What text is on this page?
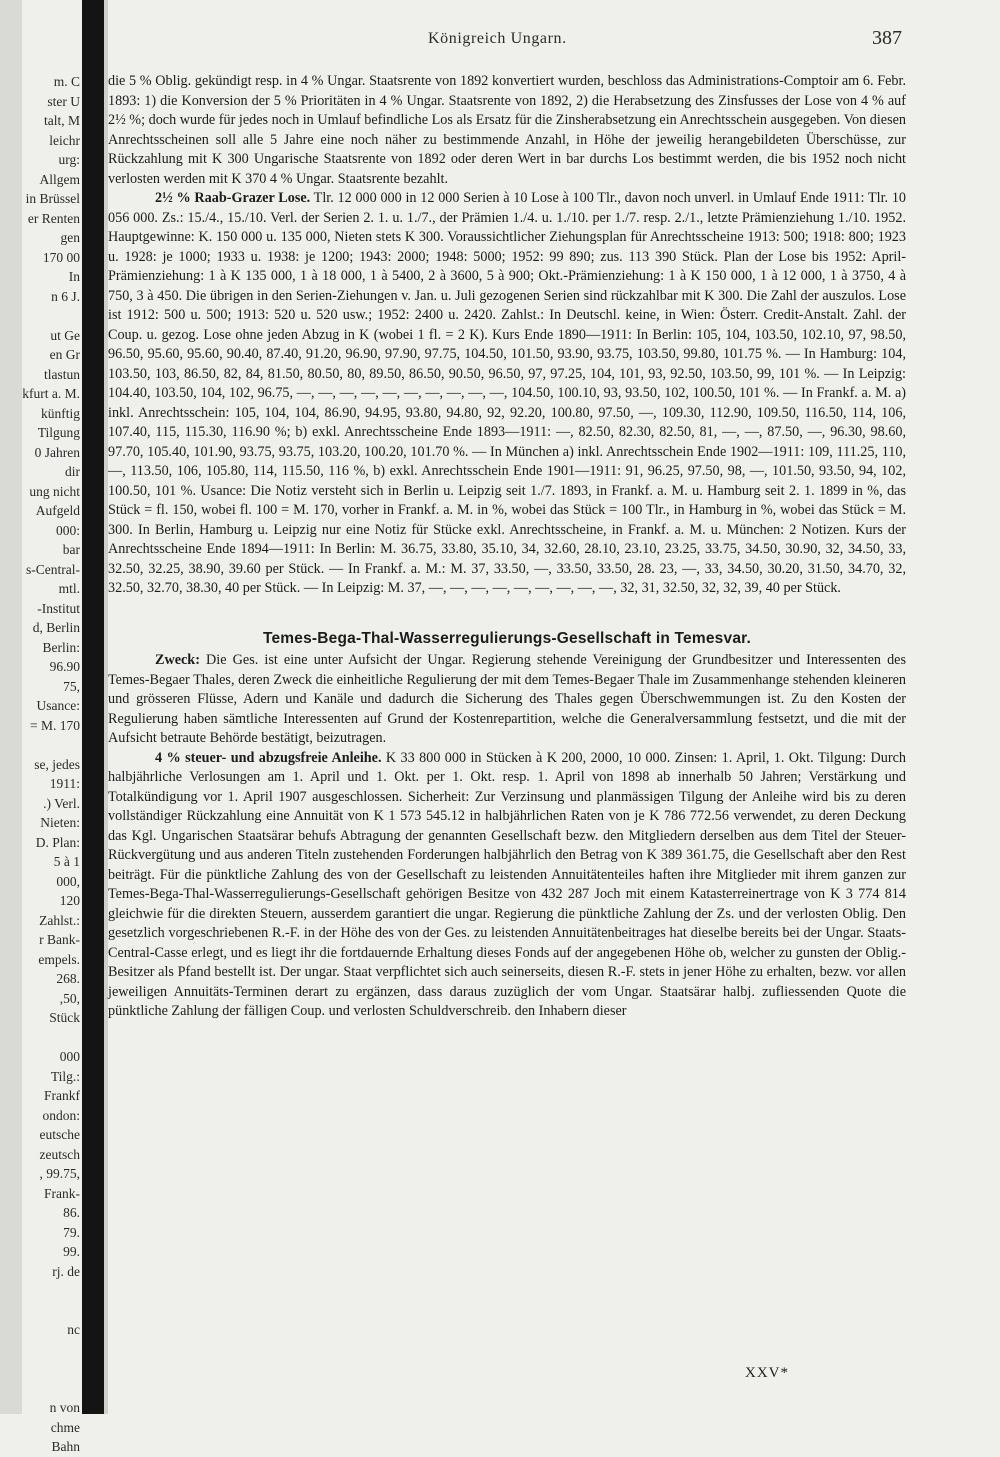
m. C
ster U
talt, M
leichr
urg:
Allgem
in Brüssel
er Renten
gen
170 00
In
n 6 J.

ut Ge
en Gr
tlastun
kfurt a. M.
künftig
Tilgung
0 Jahren
dir
ung nicht
Aufgeld
000:
bar
s-Central-
mtl.
-Institut
d, Berlin
Berlin:
96.90
75,
Usance:
= M. 170

se, jedes
1911:
.) Verl.
Nieten:
D. Plan:
5 à 1
000,
120
Zahlst.:
r Bank-
empels.
268.
,50,
Stück

000
Tilg.:
Frankf
ondon:
eutsche
zeutsch
, 99.75,
Frank-
86.
79.
99.
rj. de

nc

n von
chme
Bahn
Königreich Ungarn.	387

die 5 % Oblig. gekündigt resp. in 4 % Ungar. Staatsrente von 1892 konvertiert wurden, beschloss das Administrations-Comptoir am 6. Febr. 1893: 1) die Konversion der 5 % Prioritäten in 4 % Ungar. Staatsrente von 1892, 2) die Herabsetzung des Zinsfusses der Lose von 4 % auf 2½ %; doch wurde für jedes noch in Umlauf befindliche Los als Ersatz für die Zinsherabsetzung ein Anrechtsschein ausgegeben. Von diesen Anrechtsscheinen soll alle 5 Jahre eine noch näher zu bestimmende Anzahl, in Höhe der jeweilig herangebildeten Überschüsse, zur Rückzahlung mit K 300 Ungarische Staatsrente von 1892 oder deren Wert in bar durchs Los bestimmt werden, die bis 1952 noch nicht verlosten werden mit K 370 4 % Ungar. Staatsrente bezahlt.

2½ % Raab-Grazer Lose. Tlr. 12 000 000 in 12 000 Serien à 10 Lose à 100 Tlr., davon noch unverl. in Umlauf Ende 1911: Tlr. 10 056 000. Zs.: 15./4., 15./10. Verl. der Serien 2. 1. u. 1./7., der Prämien 1./4. u. 1./10. per 1./7. resp. 2./1., letzte Prämienziehung 1./10. 1952. Hauptgewinne: K. 150 000 u. 135 000, Nieten stets K 300. Voraussichtlicher Ziehungsplan für Anrechtsscheine 1913: 500; 1918: 800; 1923 u. 1928: je 1000; 1933 u. 1938: je 1200; 1943: 2000; 1948: 5000; 1952: 99 890; zus. 113 390 Stück. Plan der Lose bis 1952: April-Prämienziehung: 1 à K 135 000, 1 à 18 000, 1 à 5400, 2 à 3600, 5 à 900; Okt.-Prämienziehung: 1 à K 150 000, 1 à 12 000, 1 à 3750, 4 à 750, 3 à 450. Die übrigen in den Serien-Ziehungen v. Jan. u. Juli gezogenen Serien sind rückzahlbar mit K 300. Die Zahl der auszulos. Lose ist 1912: 500 u. 500; 1913: 520 u. 520 usw.; 1952: 2400 u. 2420. Zahlst.: In Deutschl. keine, in Wien: Österr. Credit-Anstalt. Zahl. der Coup. u. gezog. Lose ohne jeden Abzug in K (wobei 1 fl. = 2 K). Kurs Ende 1890—1911: In Berlin: 105, 104, 103.50, 102.10, 97, 98.50, 96.50, 95.60, 95.60, 90.40, 87.40, 91.20, 96.90, 97.90, 97.75, 104.50, 101.50, 93.90, 93.75, 103.50, 99.80, 101.75 %. — In Hamburg: 104, 103.50, 103, 86.50, 82, 84, 81.50, 80.50, 80, 89.50, 86.50, 90.50, 96.50, 97, 97.25, 104, 101, 93, 92.50, 103.50, 99, 101 %. — In Leipzig: 104.40, 103.50, 104, 102, 96.75, —, —, —, —, —, —, —, —, —, —, 104.50, 100.10, 93, 93.50, 102, 100.50, 101 %. — In Frankf. a. M. a) inkl. Anrechtsschein: 105, 104, 104, 86.90, 94.95, 93.80, 94.80, 92, 92.20, 100.80, 97.50, —, 109.30, 112.90, 109.50, 116.50, 114, 106, 107.40, 115, 115.30, 116.90 %; b) exkl. Anrechtsscheine Ende 1893—1911: —, 82.50, 82.30, 82.50, 81, —, —, 87.50, —, 96.30, 98.60, 97.70, 105.40, 101.90, 93.75, 93.75, 103.20, 100.20, 101.70 %. — In München a) inkl. Anrechtsschein Ende 1902—1911: 109, 111.25, 110, —, 113.50, 106, 105.80, 114, 115.50, 116 %, b) exkl. Anrechtsschein Ende 1901—1911: 91, 96.25, 97.50, 98, —, 101.50, 93.50, 94, 102, 100.50, 101 %. Usance: Die Notiz versteht sich in Berlin u. Leipzig seit 1./7. 1893, in Frankf. a. M. u. Hamburg seit 2. 1. 1899 in %, das Stück = fl. 150, wobei fl. 100 = M. 170, vorher in Frankf. a. M. in %, wobei das Stück = 100 Tlr., in Hamburg in %, wobei das Stück = M. 300. In Berlin, Hamburg u. Leipzig nur eine Notiz für Stücke exkl. Anrechtsscheine, in Frankf. a. M. u. München: 2 Notizen. Kurs der Anrechtsscheine Ende 1894—1911: In Berlin: M. 36.75, 33.80, 35.10, 34, 32.60, 28.10, 23.10, 23.25, 33.75, 34.50, 30.90, 32, 34.50, 33, 32.50, 32.25, 38.90, 39.60 per Stück. — In Frankf. a. M.: M. 37, 33.50, —, 33.50, 33.50, 28. 23, —, 33, 34.50, 30.20, 31.50, 34.70, 32, 32.50, 32.70, 38.30, 40 per Stück. — In Leipzig: M. 37, —, —, —, —, —, —, —, —, —, 32, 31, 32.50, 32, 32, 39, 40 per Stück.

Temes-Bega-Thal-Wasserregulierungs-Gesellschaft in Temesvar.

Zweck: Die Ges. ist eine unter Aufsicht der Ungar. Regierung stehende Vereinigung der Grundbesitzer und Interessenten des Temes-Begaer Thales, deren Zweck die einheitliche Regulierung der mit dem Temes-Begaer Thale im Zusammenhange stehenden kleineren und grösseren Flüsse, Adern und Kanäle und dadurch die Sicherung des Thales gegen Überschwemmungen ist. Zu den Kosten der Regulierung haben sämtliche Interessenten auf Grund der Kostenrepartition, welche die Generalversammlung festsetzt, und die mit der Aufsicht betraute Behörde bestätigt, beizutragen.

4 % steuer- und abzugsfreie Anleihe. K 33 800 000 in Stücken à K 200, 2000, 10 000. Zinsen: 1. April, 1. Okt. Tilgung: Durch halbjährliche Verlosungen am 1. April und 1. Okt. per 1. Okt. resp. 1. April von 1898 ab innerhalb 50 Jahren; Verstärkung und Totalkündigung vor 1. April 1907 ausgeschlossen. Sicherheit: Zur Verzinsung und planmässigen Tilgung der Anleihe wird bis zu deren vollständiger Rückzahlung eine Annuität von K 1 573 545.12 in halbjährlichen Raten von je K 786 772.56 verwendet, zu deren Deckung das Kgl. Ungarischen Staatsärar behufs Abtragung der genannten Gesellschaft bezw. den Mitgliedern derselben aus dem Titel der Steuer-Rückvergütung und aus anderen Titeln zustehenden Forderungen halbjährlich den Betrag von K 389 361.75, die Gesellschaft aber den Rest beiträgt. Für die pünktliche Zahlung des von der Gesellschaft zu leistenden Annuitätenteiles haften ihre Mitglieder mit ihrem ganzen zur Temes-Bega-Thal-Wasserregulierungs-Gesellschaft gehörigen Besitze von 432 287 Joch mit einem Katasterreinertrage von K 3 774 814 gleichwie für die direkten Steuern, ausserdem garantiert die ungar. Regierung die pünktliche Zahlung der Zs. und der verlosten Oblig. Den gesetzlich vorgeschriebenen R.-F. in der Höhe des von der Ges. zu leistenden Annuitätenbeitrages hat dieselbe bereits bei der Ungar. Staats-Central-Casse erlegt, und es liegt ihr die fortdauernde Erhaltung dieses Fonds auf der angegebenen Höhe ob, welcher zu gunsten der Oblig.-Besitzer als Pfand bestellt ist. Der ungar. Staat verpflichtet sich auch seinerseits, diesen R.-F. stets in jener Höhe zu erhalten, bezw. vor allen jeweiligen Annuitäts-Terminen derart zu ergänzen, dass daraus zuzüglich der vom Ungar. Staatsärar halbj. zufliessenden Quote die pünktliche Zahlung der fälligen Coup. und verlosten Schuldverschreib. den Inhabern dieser

XXV*
